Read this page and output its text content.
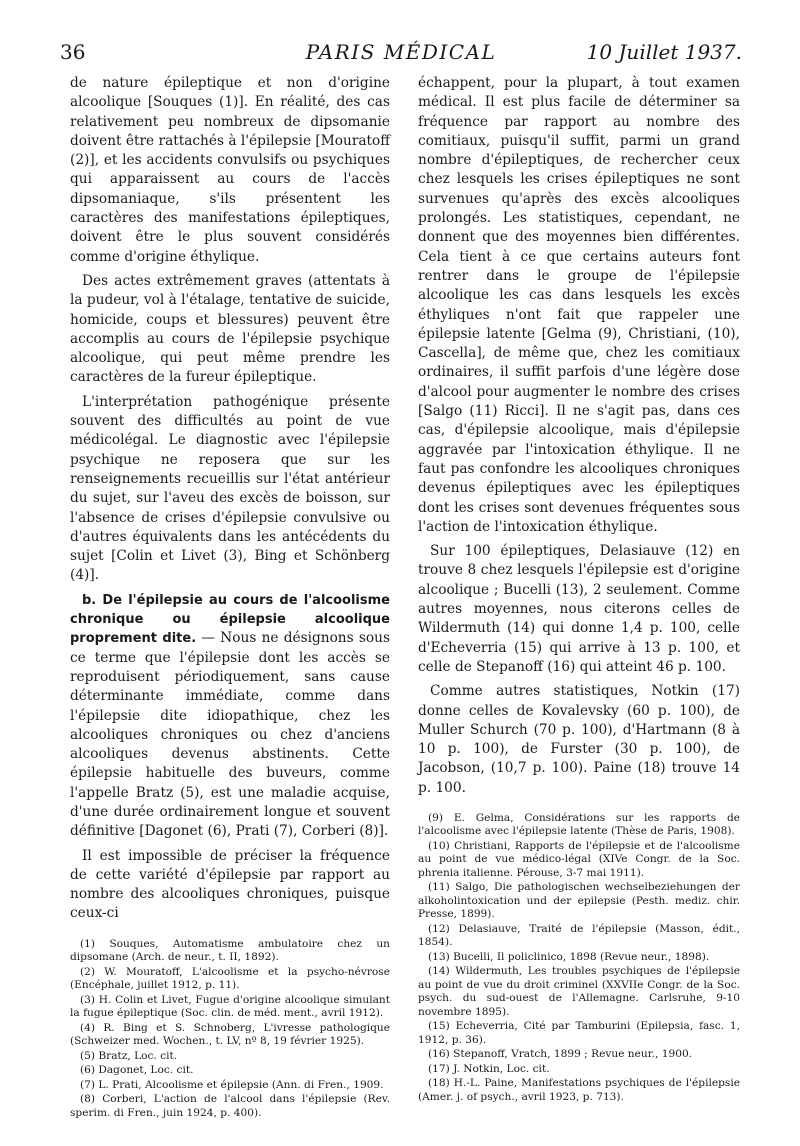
36	PARIS MÉDICAL	10 Juillet 1937.

de nature épileptique et non d'origine alcoolique [Souques (1)]. En réalité, des cas relativement peu nombreux de dipsomanie doivent être rattachés à l'épilepsie [Mouratoff (2)], et les accidents convulsifs ou psychiques qui apparaissent au cours de l'accès dipsomaniaque, s'ils présentent les caractères des manifestations épileptiques, doivent être le plus souvent considérés comme d'origine éthylique.

Des actes extrêmement graves (attentats à la pudeur, vol à l'étalage, tentative de suicide, homicide, coups et blessures) peuvent être accomplis au cours de l'épilepsie psychique alcoolique, qui peut même prendre les caractères de la fureur épileptique.

L'interprétation pathogénique présente souvent des difficultés au point de vue médicolégal. Le diagnostic avec l'épilepsie psychique ne reposera que sur les renseignements recueillis sur l'état antérieur du sujet, sur l'aveu des excès de boisson, sur l'absence de crises d'épilepsie convulsive ou d'autres équivalents dans les antécédents du sujet [Colin et Livet (3), Bing et Schönberg (4)].

b. De l'épilepsie au cours de l'alcoolisme chronique ou épilepsie alcoolique proprement dite. — Nous ne désignons sous ce terme que l'épilepsie dont les accès se reproduisent périodiquement, sans cause déterminante immédiate, comme dans l'épilepsie dite idiopathique, chez les alcooliques chroniques ou chez d'anciens alcooliques devenus abstinents. Cette épilepsie habituelle des buveurs, comme l'appelle Bratz (5), est une maladie acquise, d'une durée ordinairement longue et souvent définitive [Dagonet (6), Prati (7), Corberi (8)].

Il est impossible de préciser la fréquence de cette variété d'épilepsie par rapport au nombre des alcooliques chroniques, puisque ceux-ci

(1) Souques, Automatisme ambulatoire chez un dipsomane (Arch. de neur., t. II, 1892).
(2) W. Mouratoff, L'alcoolisme et la psycho-névrose (Encéphale, juillet 1912, p. 11).
(3) H. Colin et Livet, Fugue d'origine alcoolique simulant la fugue épileptique (Soc. clin. de méd. ment., avril 1912).
(4) R. Bing et S. Schnoberg, L'ivresse pathologique (Schweizer med. Wochen., t. LV, nº 8, 19 février 1925).
(5) Bratz, Loc. cit.
(6) Dagonet, Loc. cit.
(7) L. Prati, Alcoolisme et épilepsie (Ann. di Fren., 1909.
(8) Corberi, L'action de l'alcool dans l'épilepsie (Rev. sperim. di Fren., juin 1924, p. 400).

échappent, pour la plupart, à tout examen médical. Il est plus facile de déterminer sa fréquence par rapport au nombre des comitiaux, puisqu'il suffit, parmi un grand nombre d'épileptiques, de rechercher ceux chez lesquels les crises épileptiques ne sont survenues qu'après des excès alcooliques prolongés. Les statistiques, cependant, ne donnent que des moyennes bien différentes. Cela tient à ce que certains auteurs font rentrer dans le groupe de l'épilepsie alcoolique les cas dans lesquels les excès éthyliques n'ont fait que rappeler une épilepsie latente [Gelma (9), Christiani, (10), Cascella], de même que, chez les comitiaux ordinaires, il suffit parfois d'une légère dose d'alcool pour augmenter le nombre des crises [Salgo (11) Ricci]. Il ne s'agit pas, dans ces cas, d'épilepsie alcoolique, mais d'épilepsie aggravée par l'intoxication éthylique. Il ne faut pas confondre les alcooliques chroniques devenus épileptiques avec les épileptiques dont les crises sont devenues fréquentes sous l'action de l'intoxication éthylique.

Sur 100 épileptiques, Delasiauve (12) en trouve 8 chez lesquels l'épilepsie est d'origine alcoolique ; Bucelli (13), 2 seulement. Comme autres moyennes, nous citerons celles de Wildermuth (14) qui donne 1,4 p. 100, celle d'Echeverria (15) qui arrive à 13 p. 100, et celle de Stepanoff (16) qui atteint 46 p. 100.

Comme autres statistiques, Notkin (17) donne celles de Kovalevsky (60 p. 100), de Muller Schurch (70 p. 100), d'Hartmann (8 à 10 p. 100), de Furster (30 p. 100), de Jacobson, (10,7 p. 100). Paine (18) trouve 14 p. 100.

(9) E. Gelma, Considérations sur les rapports de l'alcoolisme avec l'épilepsie latente (Thèse de Paris, 1908).
(10) Christiani, Rapports de l'épilepsie et de l'alcoolisme au point de vue médico-légal (XIVe Congr. de la Soc. phrenia italienne. Pérouse, 3-7 mai 1911).
(11) Salgo, Die pathologischen wechselbeziehungen der alkoholintoxication und der epilepsie (Pesth. mediz. chir. Presse, 1899).
(12) Delasiauve, Traité de l'épilepsie (Masson, édit., 1854).
(13) Bucelli, Il policlinico, 1898 (Revue neur., 1898).
(14) Wildermuth, Les troubles psychiques de l'épilepsie au point de vue du droit criminel (XXVIIe Congr. de la Soc. psych. du sud-ouest de l'Allemagne. Carlsruhe, 9-10 novembre 1895).
(15) Echeverria, Cité par Tamburini (Epilepsia, fasc. 1, 1912, p. 36).
(16) Stepanoff, Vratch, 1899 ; Revue neur., 1900.
(17) J. Notkin, Loc. cit.
(18) H.-L. Paine, Manifestations psychiques de l'épilepsie (Amer. j. of psych., avril 1923, p. 713).
